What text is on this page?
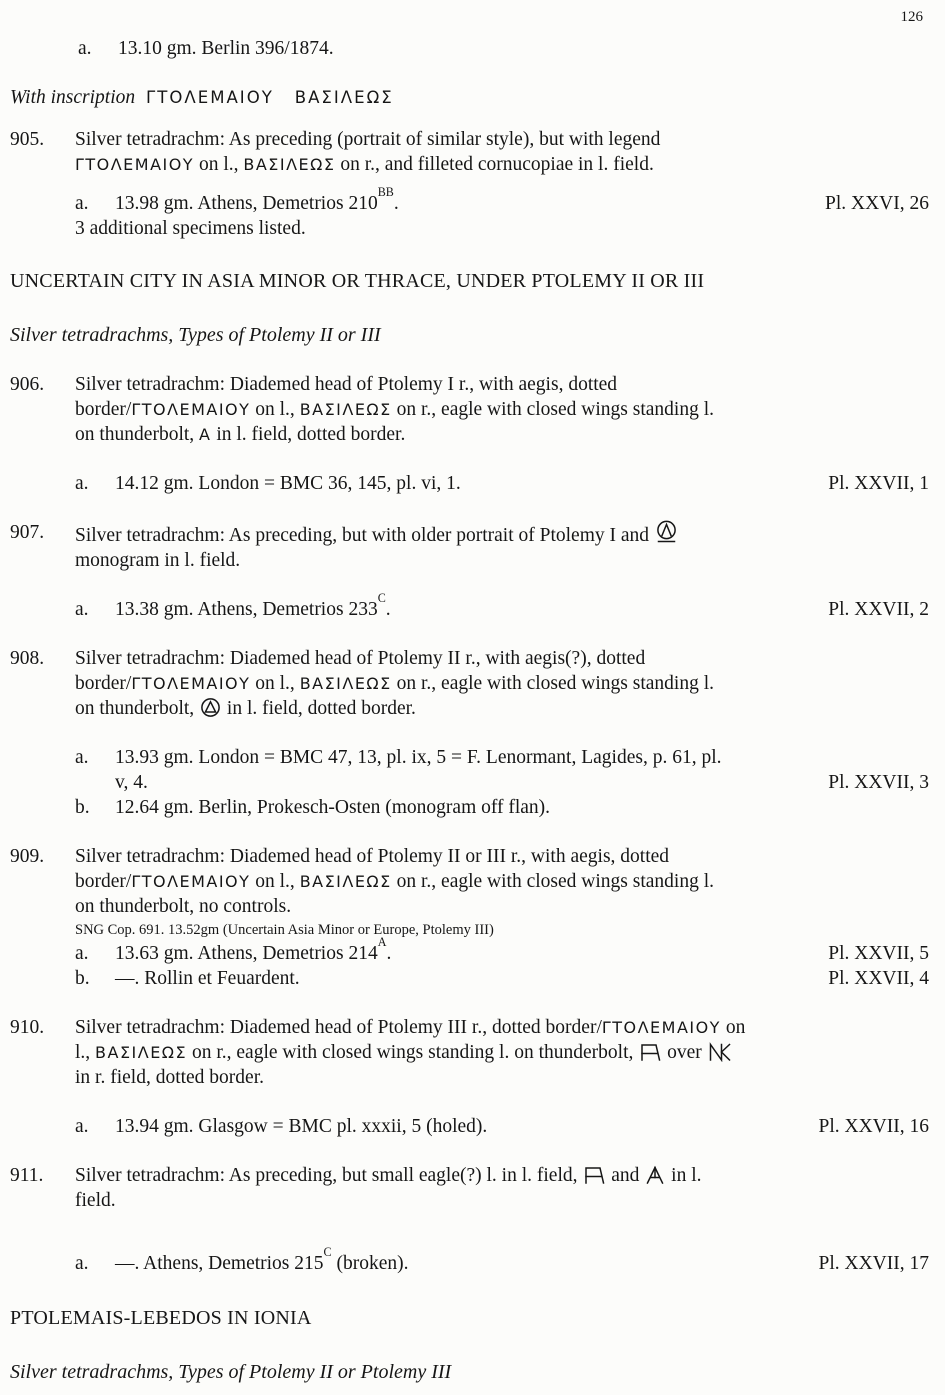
126
a.	13.10 gm. Berlin 396/1874.
With inscription ΓΤΟΛΕΜΑΙΟΥ ΒΑΣΙΛΕΩΣ
905.	Silver tetradrachm: As preceding (portrait of similar style), but with legend
ΓΤΟΛΕΜΑΙΟΥ on l., ΒΑΣΙΛΕΩΣ on r., and filleted cornucopiae in l. field.
a.	13.98 gm. Athens, Demetrios $210^{BB}$.	Pl. XXVI, 26
3 additional specimens listed.
UNCERTAIN CITY IN ASIA MINOR OR THRACE, UNDER PTOLEMY II OR III
Silver tetradrachms, Types of Ptolemy II or III
906.	Silver tetradrachm: Diademed head of Ptolemy I r., with aegis, dotted
border/ΓΤΟΛΕΜΑΙΟΥ on l., ΒΑΣΙΛΕΩΣ on r., eagle with closed wings standing l.
on thunderbolt, Α in l. field, dotted border.
a.	14.12 gm. London = BMC 36, 145, pl. vi, 1.	Pl. XXVII, 1
907.	Silver tetradrachm: As preceding, but with older portrait of Ptolemy I and
monogram in l. field.
a.	13.38 gm. Athens, Demetrios $233^C$.	Pl. XXVII, 2
908.	Silver tetradrachm: Diademed head of Ptolemy II r., with aegis(?), dotted
border/ΓΤΟΛΕΜΑΙΟΥ on l., ΒΑΣΙΛΕΩΣ on r., eagle with closed wings standing l.
on thunderbolt,
in l. field, dotted border.
a.	13.93 gm. London = BMC 47, 13, pl. ix, 5 = F. Lenormant, Lagides, p. 61, pl.
v, 4.	Pl. XXVII, 3
b.	12.64 gm. Berlin, Prokesch-Osten (monogram off flan).
909.	Silver tetradrachm: Diademed head of Ptolemy II or III r., with aegis, dotted
border/ΓΤΟΛΕΜΑΙΟΥ on l., ΒΑΣΙΛΕΩΣ on r., eagle with closed wings standing l.
on thunderbolt, no controls.
SNG Cop. 691. 13.52gm (Uncertain Asia Minor or Europe, Ptolemy III)
a.	13.63 gm. Athens, Demetrios $214^A$.	Pl. XXVII, 5
b.	—. Rollin et Feuardent.	Pl. XXVII, 4
910.	Silver tetradrachm: Diademed head of Ptolemy III r., dotted border/ΓΤΟΛΕΜΑΙΟΥ on
l., ΒΑΣΙΛΕΩΣ on r., eagle with closed wings standing l. on thunderbolt,
over
in r. field, dotted border.
a.	13.94 gm. Glasgow = BMC pl. xxxii, 5 (holed).	Pl. XXVII, 16
911.	Silver tetradrachm: As preceding, but small eagle(?) l. in l. field,
and
in l.
field.
a.	—. Athens, Demetrios $215^C$ (broken).	Pl. XXVII, 17
PTOLEMAIS-LEBEDOS IN IONIA
Silver tetradrachms, Types of Ptolemy II or Ptolemy III
